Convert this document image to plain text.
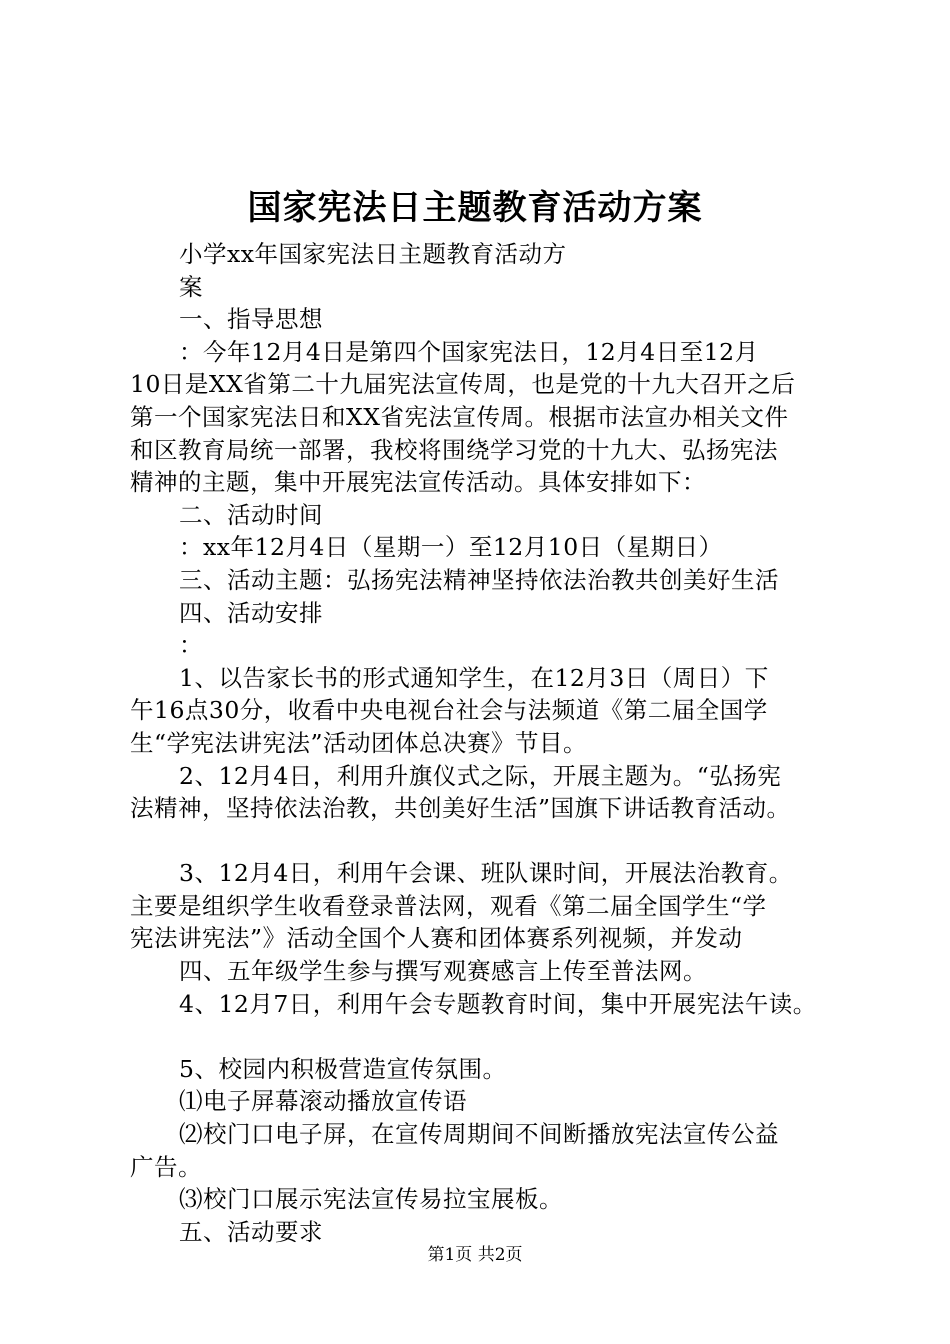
国家宪法日主题教育活动方案
小学xx年国家宪法日主题教育活动方
案
一、指导思想
：今年12月4日是第四个国家宪法日，12月4日至12月
10日是XX省第二十九届宪法宣传周，也是党的十九大召开之后
第一个国家宪法日和XX省宪法宣传周。根据市法宣办相关文件
和区教育局统一部署，我校将围绕学习党的十九大、弘扬宪法
精神的主题，集中开展宪法宣传活动。具体安排如下：
二、活动时间
：xx年12月4日（星期一）至12月10日（星期日）
三、活动主题：弘扬宪法精神坚持依法治教共创美好生活
四、活动安排
：
1、以告家长书的形式通知学生，在12月3日（周日）下
午16点30分，收看中央电视台社会与法频道《第二届全国学
生“学宪法讲宪法”活动团体总决赛》节目。
2、12月4日，利用升旗仪式之际，开展主题为。“弘扬宪
法精神，坚持依法治教，共创美好生活”国旗下讲话教育活动。
3、12月4日，利用午会课、班队课时间，开展法治教育。
主要是组织学生收看登录普法网，观看《第二届全国学生“学
宪法讲宪法”》活动全国个人赛和团体赛系列视频，并发动
四、五年级学生参与撰写观赛感言上传至普法网。
4、12月7日，利用午会专题教育时间，集中开展宪法午读。
5、校园内积极营造宣传氛围。
⑴电子屏幕滚动播放宣传语
⑵校门口电子屏，在宣传周期间不间断播放宪法宣传公益
广告。
⑶校门口展示宪法宣传易拉宝展板。
五、活动要求
第1页 共2页
